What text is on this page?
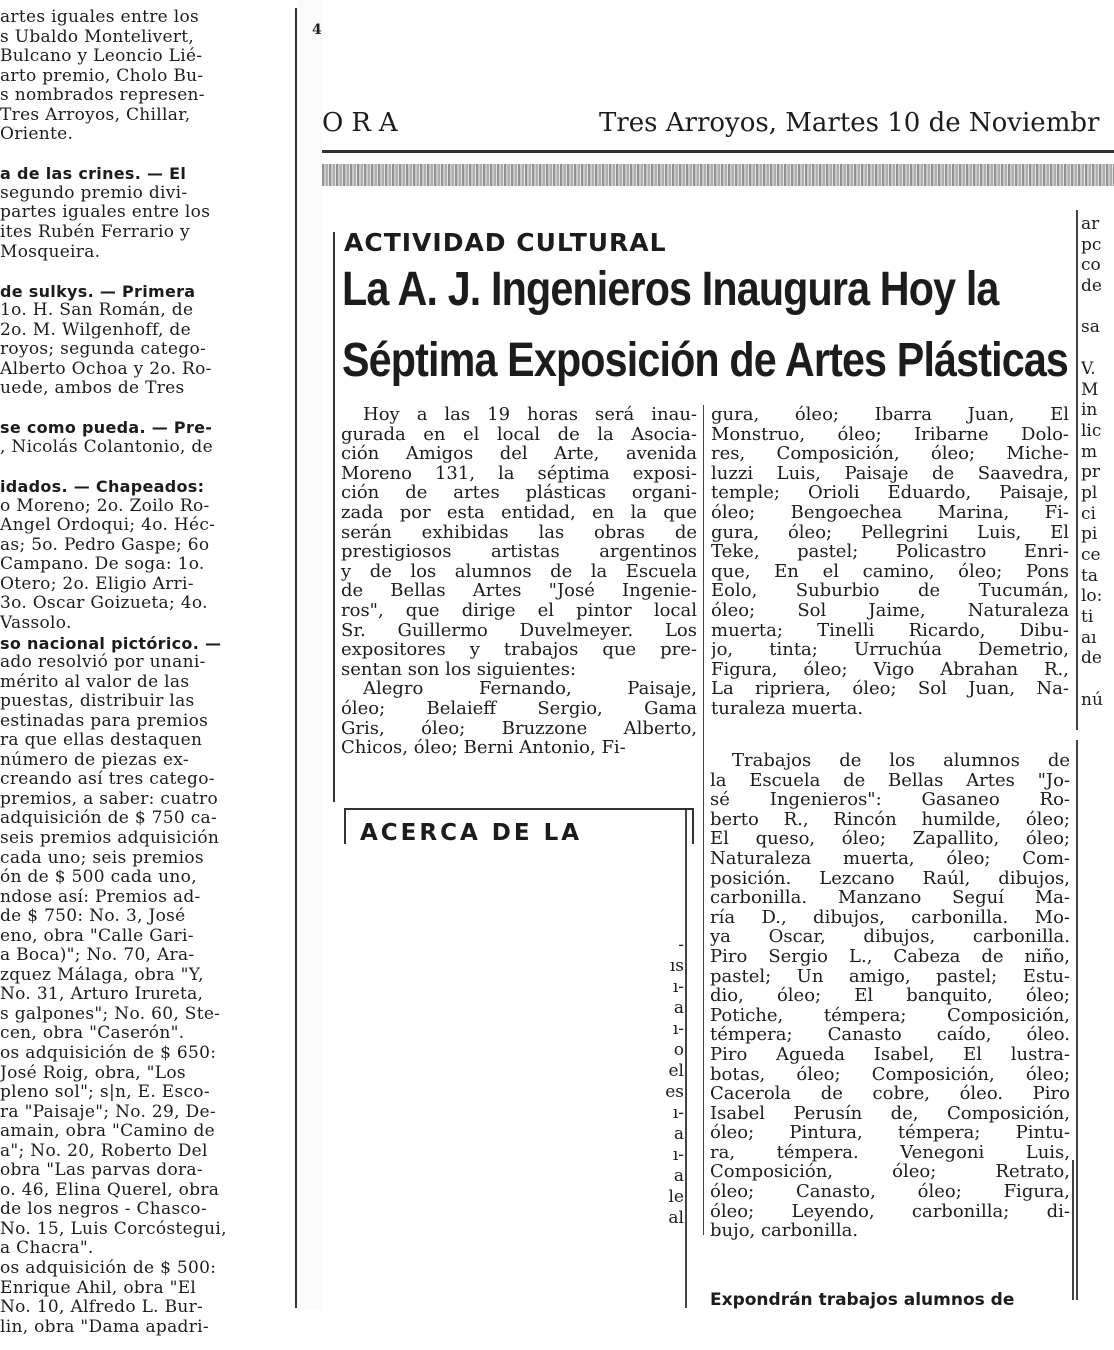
artes iguales entre los
s Ubaldo Montelivert,
Bulcano y Leoncio Lié-
arto premio, Cholo Bu-
s nombrados represen-
Tres Arroyos, Chillar,
Oriente.
a de las crines. — El
segundo premio divi-
partes iguales entre los
ites Rubén Ferrario y
Mosqueira.
de sulkys. — Primera
1o. H. San Román, de
2o. M. Wilgenhoff, de
royos; segunda catego-
Alberto Ochoa y 2o. Ro-
uede, ambos de Tres
se como pueda. — Pre-
, Nicolás Colantonio, de
idados. — Chapeados:
o Moreno; 2o. Zoilo Ro-
Angel Ordoqui; 4o. Héc-
as; 5o. Pedro Gaspe; 6o
Campano. De soga: 1o.
Otero; 2o. Eligio Arri-
3o. Oscar Goizueta; 4o.
Vassolo.
so nacional pictórico. —
ado resolvió por unani-
mérito al valor de las
puestas, distribuir las
estinadas para premios
ra que ellas destaquen
número de piezas ex-
creando así tres catego-
premios, a saber: cuatro
adquisición de $ 750 ca-
seis premios adquisición
cada uno; seis premios
ón de $ 500 cada uno,
ndose así: Premios ad-
de $ 750: No. 3, José
eno, obra "Calle Gari-
a Boca)"; No. 70, Ara-
zquez Málaga, obra "Y,
No. 31, Arturo Irureta,
s galpones"; No. 60, Ste-
cen, obra "Caserón".
os adquisición de $ 650:
José Roig, obra, "Los
pleno sol"; s|n, E. Esco-
ra "Paisaje"; No. 29, De-
amain, obra "Camino de
a"; No. 20, Roberto Del
obra "Las parvas dora-
o. 46, Elina Querel, obra
de los negros - Chasco-
No. 15, Luis Corcóstegui,
a Chacra".
os adquisición de $ 500:
Enrique Ahil, obra "El
No. 10, Alfredo L. Bur-
lin, obra "Dama apadri-
4
ORA	Tres Arroyos, Martes 10 de Noviembr
ACTIVIDAD CULTURAL
La A. J. Ingenieros Inaugura Hoy la
Séptima Exposición de Artes Plásticas
Hoy a las 19 horas será inau-
gurada en el local de la Asocia-
ción Amigos del Arte, avenida
Moreno 131, la séptima exposi-
ción de artes plásticas organi-
zada por esta entidad, en la que
serán exhibidas las obras de
prestigiosos artistas argentinos
y de los alumnos de la Escuela
de Bellas Artes "José Ingenie-
ros", que dirige el pintor local
Sr. Guillermo Duvelmeyer. Los
expositores y trabajos que pre-
sentan son los siguientes:
Alegro Fernando, Paisaje,
óleo; Belaieff Sergio, Gama
Gris, óleo; Bruzzone Alberto,
Chicos, óleo; Berni Antonio, Fi-
gura, óleo; Ibarra Juan, El
Monstruo, óleo; Iribarne Dolo-
res, Composición, óleo; Miche-
luzzi Luis, Paisaje de Saavedra,
temple; Orioli Eduardo, Paisaje,
óleo; Bengoechea Marina, Fi-
gura, óleo; Pellegrini Luis, El
Teke, pastel; Policastro Enri-
que, En el camino, óleo; Pons
Eolo, Suburbio de Tucumán,
óleo; Sol Jaime, Naturaleza
muerta; Tinelli Ricardo, Dibu-
jo, tinta; Urruchúa Demetrio,
Figura, óleo; Vigo Abrahan R.,
La ripriera, óleo; Sol Juan, Na-
turaleza muerta.
Trabajos de los alumnos de
la Escuela de Bellas Artes "Jo-
sé Ingenieros": Gasaneo Ro-
berto R., Rincón humilde, óleo;
El queso, óleo; Zapallito, óleo;
Naturaleza muerta, óleo; Com-
posición. Lezcano Raúl, dibujos,
carbonilla. Manzano Seguí Ma-
ría D., dibujos, carbonilla. Mo-
ya Oscar, dibujos, carbonilla.
Piro Sergio L., Cabeza de niño,
pastel; Un amigo, pastel; Estu-
dio, óleo; El banquito, óleo;
Potiche, témpera; Composición,
témpera; Canasto caído, óleo.
Piro Agueda Isabel, El lustra-
botas, óleo; Composición, óleo;
Cacerola de cobre, óleo. Piro
Isabel Perusín de, Composición,
óleo; Pintura, témpera; Pintu-
ra, témpera. Venegoni Luis,
Composición, óleo; Retrato,
óleo; Canasto, óleo; Figura,
óleo; Leyendo, carbonilla; di-
bujo, carbonilla.
ACERCA DE LA
-
ıs
ı-
a
ı-
o
el
es
ı-
a
ı-
a
le
al
Expondrán trabajos alumnos de
ar
pc
co
de
sa
V.
M
in
lic
m
pr
pl
ci
pi
ce
ta
lo:
ti
aı
de
nú
